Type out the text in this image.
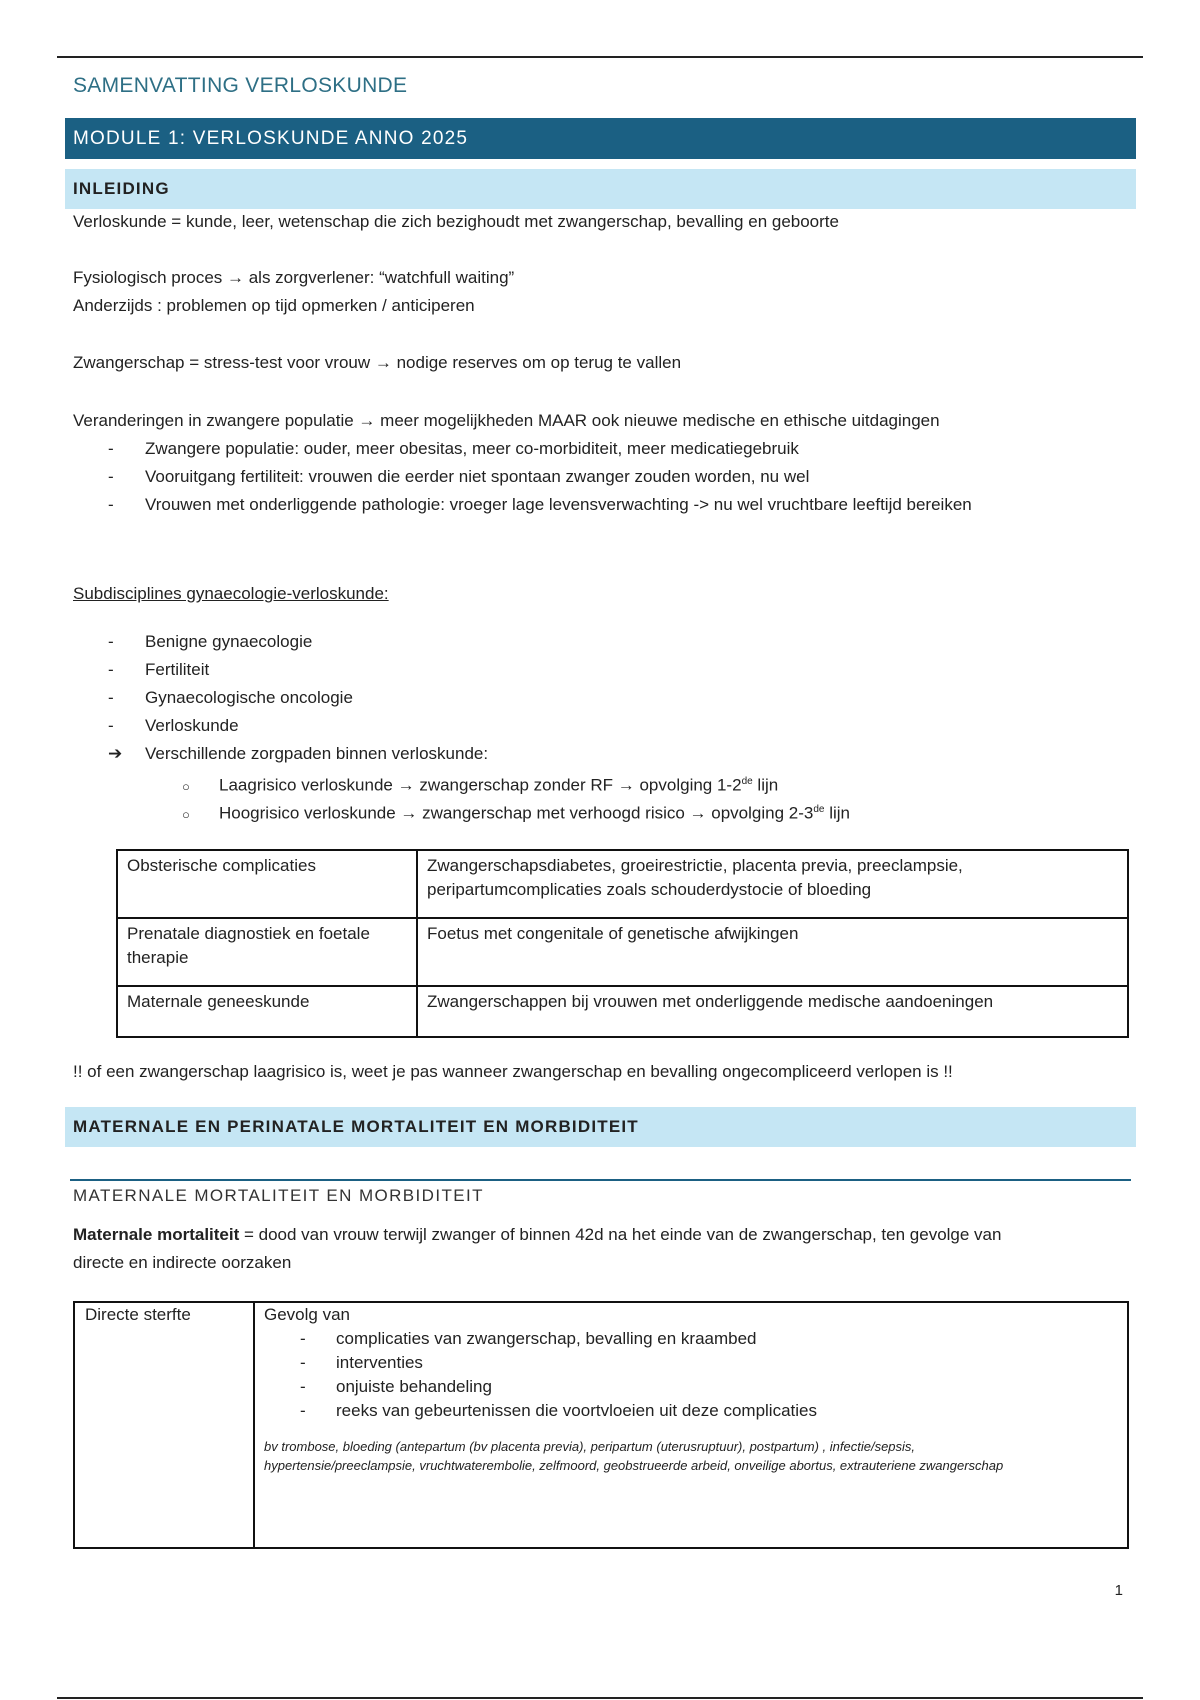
SAMENVATTING VERLOSKUNDE
MODULE 1: VERLOSKUNDE ANNO 2025
INLEIDING
Verloskunde = kunde, leer, wetenschap die zich bezighoudt met zwangerschap, bevalling en geboorte
Fysiologisch proces → als zorgverlener: “watchfull waiting”
Anderzijds : problemen op tijd opmerken / anticiperen
Zwangerschap = stress-test voor vrouw → nodige reserves om op terug te vallen
Veranderingen in zwangere populatie → meer mogelijkheden MAAR ook nieuwe medische en ethische uitdagingen
- Zwangere populatie: ouder, meer obesitas, meer co-morbiditeit, meer medicatiegebruik
- Vooruitgang fertiliteit: vrouwen die eerder niet spontaan zwanger zouden worden, nu wel
- Vrouwen met onderliggende pathologie: vroeger lage levensverwachting -> nu wel vruchtbare leeftijd bereiken
Subdisciplines gynaecologie-verloskunde:
- Benigne gynaecologie
- Fertiliteit
- Gynaecologische oncologie
- Verloskunde
➔ Verschillende zorgpaden binnen verloskunde:
○ Laagrisico verloskunde → zwangerschap zonder RF → opvolging 1-2de lijn
○ Hoogrisico verloskunde → zwangerschap met verhoogd risico → opvolging 2-3de lijn
Obsterische complicaties	Zwangerschapsdiabetes, groeirestrictie, placenta previa, preeclampsie, peripartumcomplicaties zoals schouderdystocie of bloeding
Prenatale diagnostiek en foetale therapie	Foetus met congenitale of genetische afwijkingen
Maternale geneeskunde	Zwangerschappen bij vrouwen met onderliggende medische aandoeningen
!! of een zwangerschap laagrisico is, weet je pas wanneer zwangerschap en bevalling ongecompliceerd verlopen is !!
MATERNALE EN PERINATALE MORTALITEIT EN MORBIDITEIT
MATERNALE MORTALITEIT EN MORBIDITEIT
Maternale mortaliteit = dood van vrouw terwijl zwanger of binnen 42d na het einde van de zwangerschap, ten gevolge van
directe en indirecte oorzaken
Directe sterfte	Gevolg van
- complicaties van zwangerschap, bevalling en kraambed
- interventies
- onjuiste behandeling
- reeks van gebeurtenissen die voortvloeien uit deze complicaties
bv trombose, bloeding (antepartum (bv placenta previa), peripartum (uterusruptuur), postpartum) , infectie/sepsis, hypertensie/preeclampsie, vruchtwaterembolie, zelfmoord, geobstrueerde arbeid, onveilige abortus, extrauteriene zwangerschap
1
